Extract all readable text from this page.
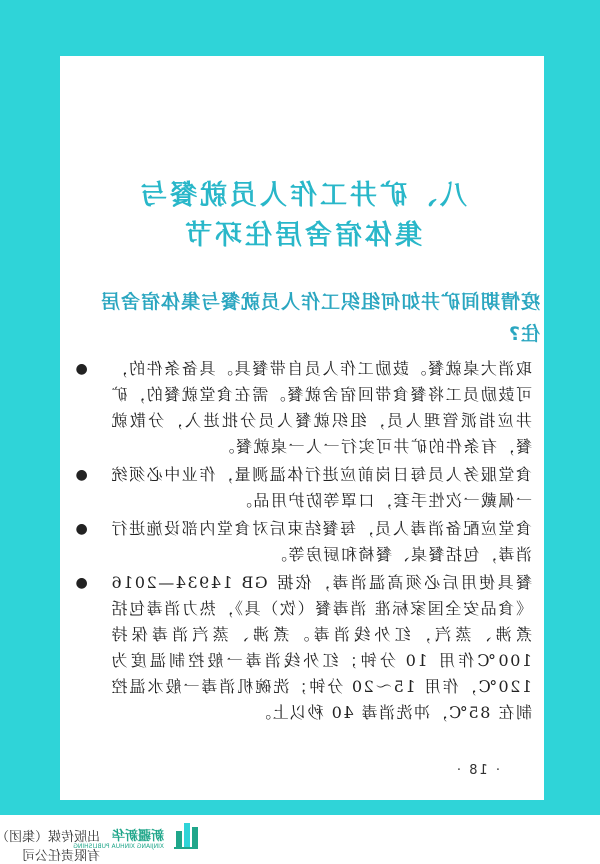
八、矿井工作人员就餐与
集体宿舍居住环节
疫情期间矿井如何组织工作人员就餐与集体宿舍居住?
●	取消大桌就餐。鼓励工作人员自带餐具。具备条件的，可鼓励员工将餐食带回宿舍就餐。需在食堂就餐的，矿井应指派管理人员，组织就餐人员分批进入，分散就餐，有条件的矿井可实行一人一桌就餐。
●	食堂服务人员每日岗前应进行体温测量，作业中必须统一佩戴一次性手套，口罩等防护用品。
●	食堂应配备消毒人员，每餐结束后对食堂内部设施进行消毒，包括餐桌、餐椅和厨房等。
●	餐具使用后必须高温消毒，依据 GB 14934—2016《食品安全国家标准 消毒餐（饮）具》，热力消毒包括煮沸、蒸汽，红外线消毒。煮沸、蒸汽消毒保持 100℃作用 10 分钟；红外线消毒一般控制温度为 120℃，作用 15～20 分钟；洗碗机消毒一般水温控制在 85℃，冲洗消毒 40 秒以上。
· 18 ·
新疆新华
XINJIANG XINHUA PUBLISHING
出版传媒（集团）有限责任公司
